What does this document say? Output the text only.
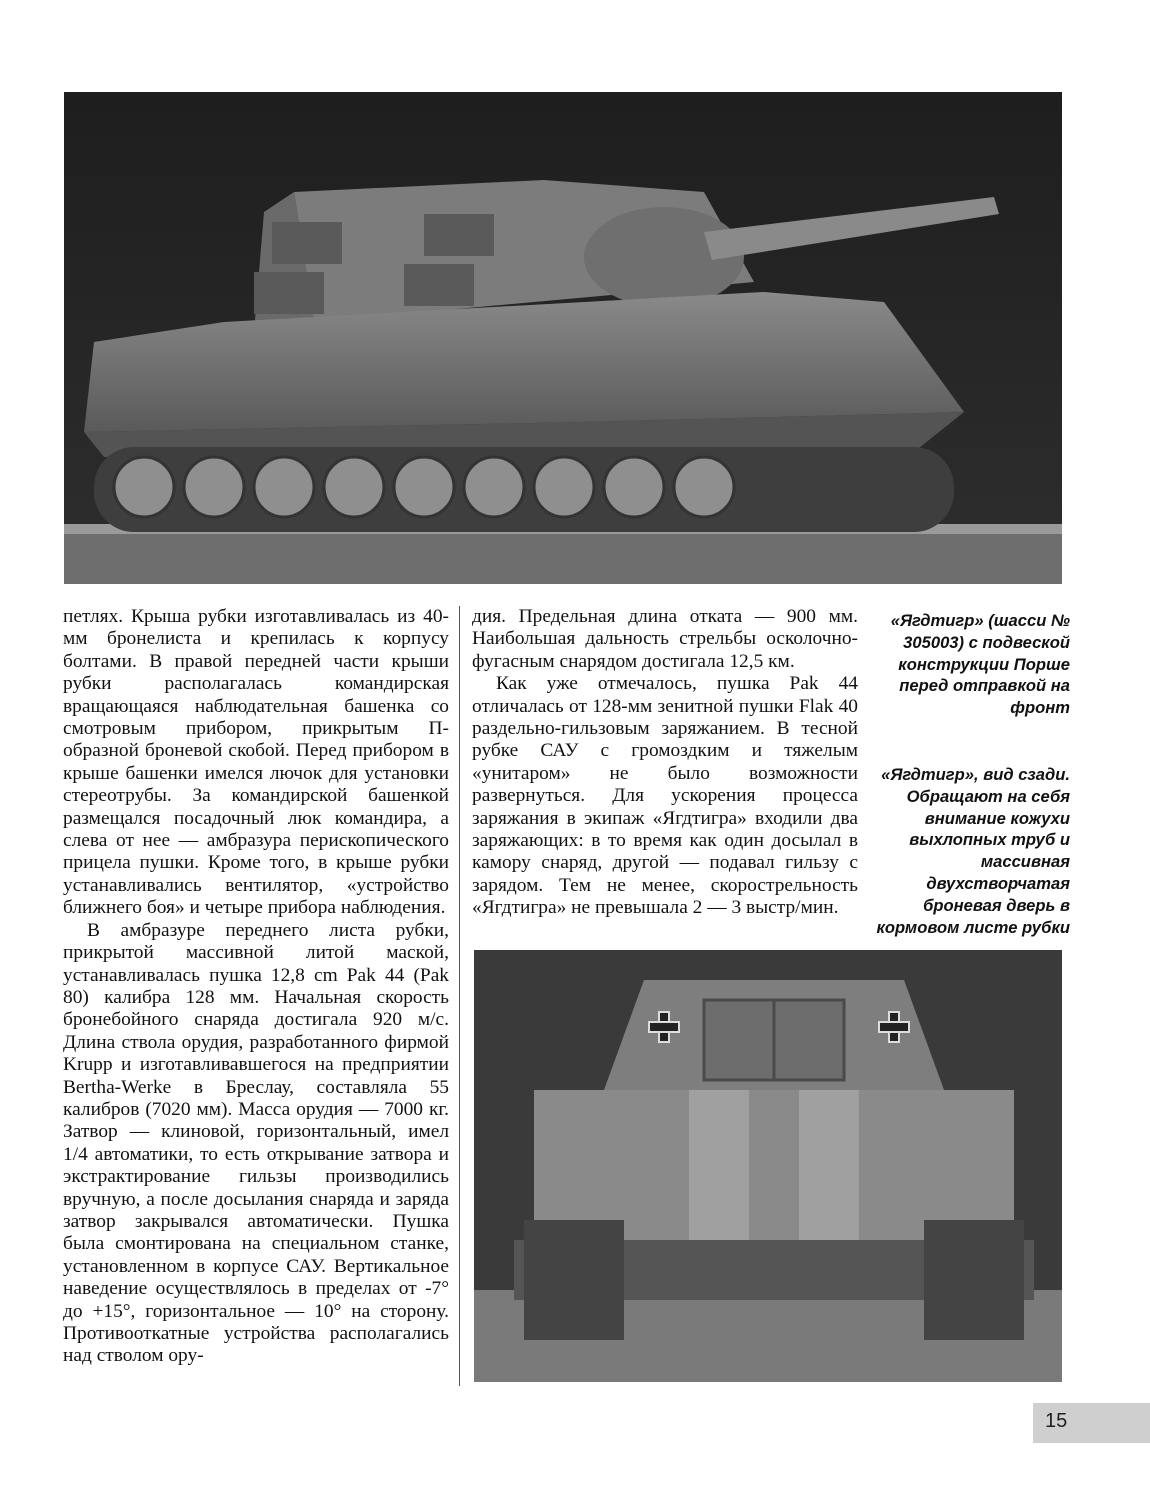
петлях. Крыша рубки изготавливалась из 40-мм бронелиста и крепилась к корпусу болтами. В правой передней части крыши рубки располагалась командирская вращающаяся наблюдательная башенка со смотровым прибором, прикрытым П-образной броневой скобой. Перед прибором в крыше башенки имелся лючок для установки стереотрубы. За командирской башенкой размещался посадочный люк командира, а слева от нее — амбразура перископического прицела пушки. Кроме того, в крыше рубки устанавливались вентилятор, «устройство ближнего боя» и четыре прибора наблюдения.

В амбразуре переднего листа рубки, прикрытой массивной литой маской, устанавливалась пушка 12,8 cm Pak 44 (Pak 80) калибра 128 мм. Начальная скорость бронебойного снаряда достигала 920 м/с. Длина ствола орудия, разработанного фирмой Krupp и изготавливавшегося на предприятии Bertha-Werke в Бреслау, составляла 55 калибров (7020 мм). Масса орудия — 7000 кг. Затвор — клиновой, горизонтальный, имел 1/4 автоматики, то есть открывание затвора и экстрактирование гильзы производились вручную, а после досылания снаряда и заряда затвор закрывался автоматически. Пушка была смонтирована на специальном станке, установленном в корпусе САУ. Вертикальное наведение осуществлялось в пределах от -7° до +15°, горизонтальное — 10° на сторону. Противооткатные устройства располагались над стволом ору-

дия. Предельная длина отката — 900 мм. Наибольшая дальность стрельбы осколочно-фугасным снарядом достигала 12,5 км.

Как уже отмечалось, пушка Pak 44 отличалась от 128-мм зенитной пушки Flak 40 раздельно-гильзовым заряжанием. В тесной рубке САУ с громоздким и тяжелым «унитаром» не было возможности развернуться. Для ускорения процесса заряжания в экипаж «Ягдтигра» входили два заряжающих: в то время как один досылал в камору снаряд, другой — подавал гильзу с зарядом. Тем не менее, скорострельность «Ягдтигра» не превышала 2 — 3 выстр/мин.

«Ягдтигр» (шасси № 305003) с подвеской конструкции Порше перед отправкой на фронт
«Ягдтигр», вид сзади. Обращают на себя внимание кожухи выхлопных труб и массивная двухстворчатая броневая дверь в кормовом листе рубки
15
